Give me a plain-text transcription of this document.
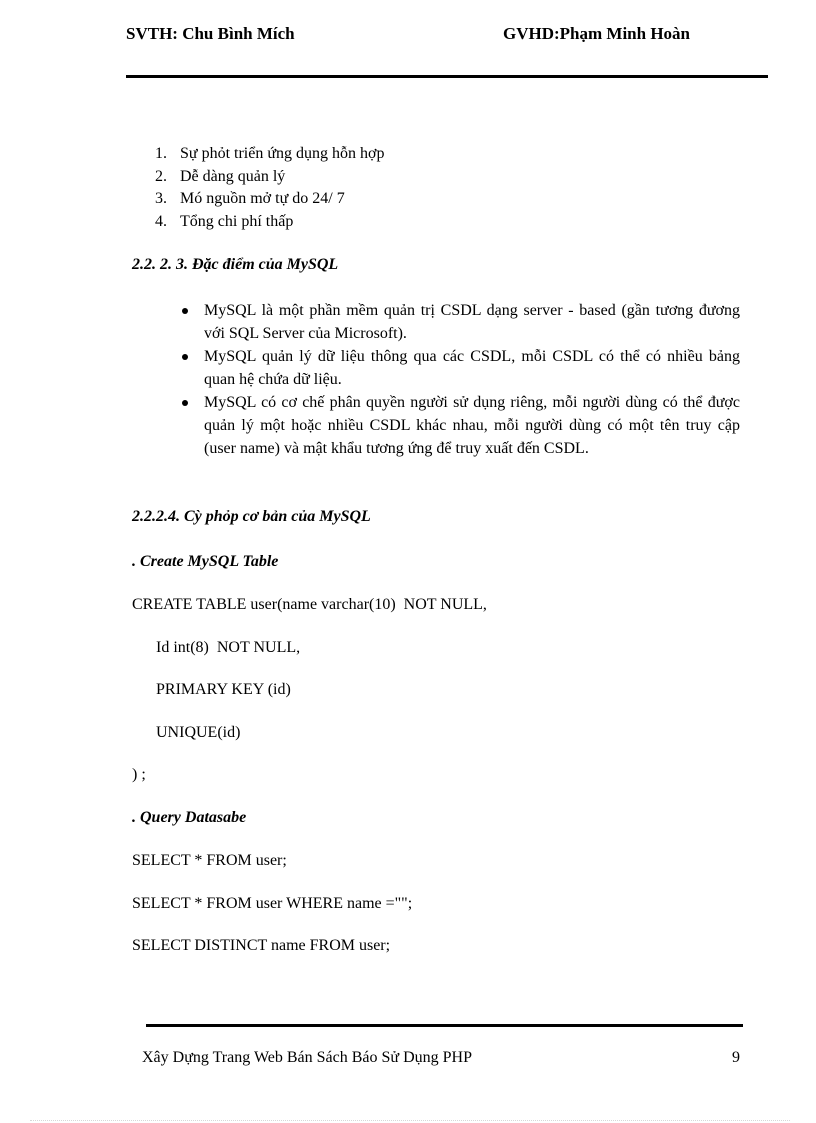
SVTH: Chu Bình Mích	GVHD:Phạm Minh Hoàn
1. Sự phỏt triển ứng dụng hỗn hợp
2. Dễ dàng quản lý
3. Mó nguồn mở tự do 24/ 7
4. Tổng chi phí thấp
2.2. 2. 3. Đặc điểm của MySQL
MySQL là một phần mềm quản trị CSDL dạng server - based (gần tương đương với SQL Server của Microsoft).
MySQL quản lý dữ liệu thông qua các CSDL, mỗi CSDL có thể có nhiều bảng quan hệ chứa dữ liệu.
MySQL có cơ chế phân quyền người sử dụng riêng, mỗi người dùng có thể được quản lý một hoặc nhiều CSDL khác nhau, mỗi người dùng có một tên truy cập (user name) và mật khẩu tương ứng để truy xuất đến CSDL.
2.2.2.4. Cỳ phỏp cơ bản của MySQL
. Create MySQL Table
CREATE TABLE user(name varchar(10)  NOT NULL,
Id int(8)  NOT NULL,
PRIMARY KEY (id)
UNIQUE(id)
) ;
. Query Datasabe
SELECT * FROM user;
SELECT * FROM user WHERE name ="";
SELECT DISTINCT name FROM user;
Xây Dựng Trang Web Bán Sách Báo Sử Dụng PHP	9
